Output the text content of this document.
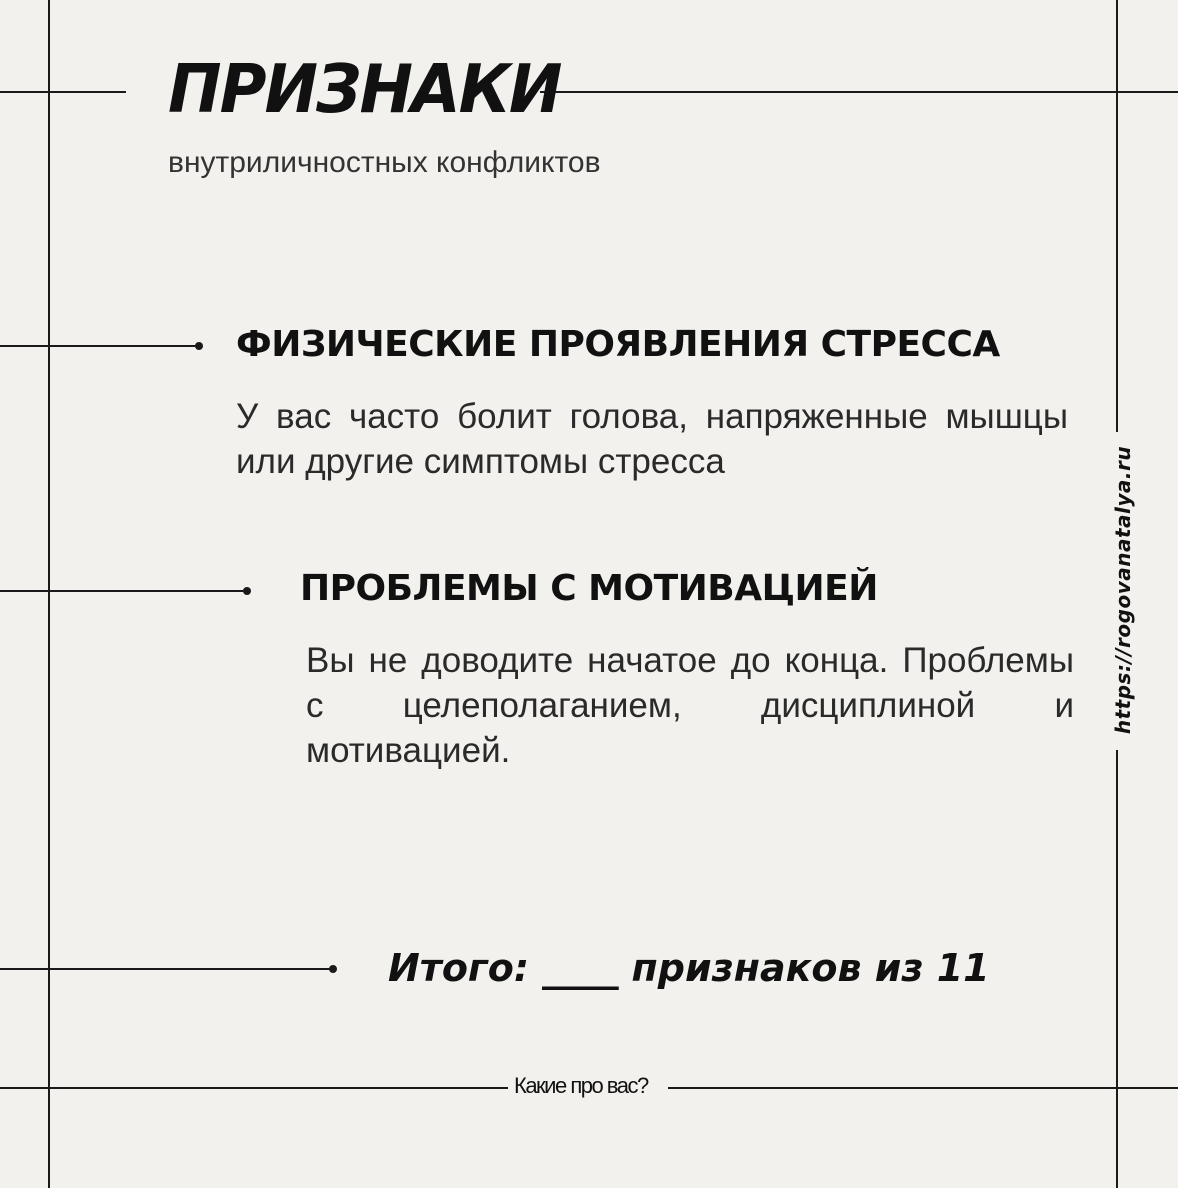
ПРИЗНАКИ
внутриличностных конфликтов
ФИЗИЧЕСКИЕ ПРОЯВЛЕНИЯ СТРЕССА
У вас часто болит голова, напряженные мышцы или другие симптомы стресса
ПРОБЛЕМЫ С МОТИВАЦИЕЙ
Вы не доводите начатое до конца. Проблемы с целеполаганием, дисциплиной и мотивацией.
Итого: ____ признаков из 11
Какие про вас?
https://rogovanatalya.ru
